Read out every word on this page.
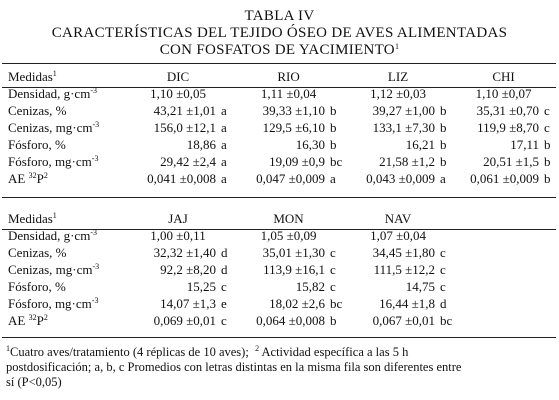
TABLA IV
CARACTERÍSTICAS DEL TEJIDO ÓSEO DE AVES ALIMENTADAS
CON FOSFATOS DE YACIMIENTO$^1$
Medidas$^1$	DIC		RIO		LIZ		CHI	
Densidad, $g\cdot cm^{-3}$	1,10 ±0,05		1,11 ±0,04		1,12 ±0,03		1,10 ±0,07	
Cenizas, %	43,21 ±1,01	a	39,33 ±1,10	b	39,27 ±1,00	b	35,31 ±0,70	c
Cenizas, $mg\cdot cm^{-3}$	156,0 ±12,1	a	129,5 ±6,10	b	133,1 ±7,30	b	119,9 ±8,70	c
Fósforo, %	18,86	a	16,30	b	16,21	b	17,11	b
Fósforo, $mg\cdot cm^{-3}$	29,42 ±2,4	a	19,09 ±0,9	bc	21,58 ±1,2	b	20,51 ±1,5	b
AE $^{32}P^2$	0,041 ±0,008	a	0,047 ±0,009	a	0,043 ±0,009	a	0,061 ±0,009	b
Medidas$^1$	JAJ		MON		NAV		
Densidad, $g\cdot cm^{-3}$	1,00 ±0,11		1,05 ±0,09		1,07 ±0,04		
Cenizas, %	32,32 ±1,40	d	35,01 ±1,30	c	34,45 ±1,80	c	
Cenizas, $mg\cdot cm^{-3}$	92,2 ±8,20	d	113,9 ±16,1	c	111,5 ±12,2	c	
Fósforo, %	15,25	c	15,82	c	14,75	c	
Fósforo, $mg\cdot cm^{-3}$	14,07 ±1,3	e	18,02 ±2,6	bc	16,44 ±1,8	d	
AE $^{32}P^2$	0,069 ±0,01	c	0,064 ±0,008	b	0,067 ±0,01	bc	
$^1$Cuatro aves/tratamiento (4 réplicas de 10 aves); $^2$ Actividad específica a las 5 h
postdosificación; a, b, c Promedios con letras distintas en la misma fila son diferentes entre
sí (P<0,05)
